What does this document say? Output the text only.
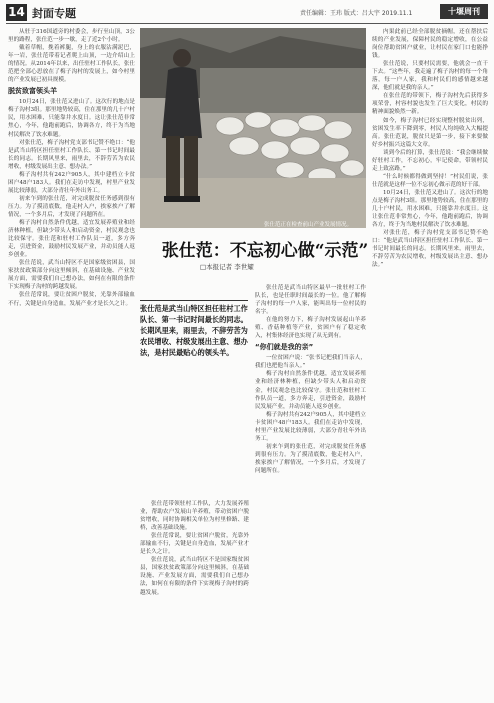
14 封面专题	责任编辑：王玮 版式：吕大宇 2019.11.1	十堰周刊

从驻于316国道旁的村委会，步行至山顶，3公里的路程，张仕范一步一歇，走了近2个小时。

戴着草帽，挽着裤腿，身上的衣服沾满泥巴，年一岩，张仕范带着记者爬上山顶，一边介绍山上的情况。从2014年以来，出任驻村工作队长，张仕范把全部心思放在了梅子沟村的发展上，如今村里的产业发展已初具规模。

脱贫致富领头羊

10月24日，张仕范又进山了。这次行的地点是梅子沟村3组。那里地势较高，住在那里的几十户村民，用水困难，只能靠井水度日。这让张仕范非常焦心，今年，他跑前跑后，协调各方，终于为当地村民解决了饮水难题。

对张仕范，梅子沟村党支部书记赞不绝口：“他是武当山特区担任驻村工作队长、第一书记时间最长的同志。长期风里来，雨里去，不辞劳苦为农民增收，村级发展出主意、想办法。”

梅子沟村共有242户905人，其中建档立卡贫困户48户183人。我们在走访中发现，村里产业发展比较薄弱，大部分青壮年外出务工。

初来乍到的张仕范，对完成脱贫任务感到很有压力。为了摸清底数，他走村入户，挨家挨户了解情况，一个多月后，才发现了问题所在。

梅子沟村自然条件优越，适宜发展养殖业和经济林种植，但缺少带头人和启动资金，村民观念也比较保守。张仕范和驻村工作队员一道，多方奔走，引进资金，鼓励村民发展产业，并动员能人返乡创业。

张仕范说，武当山特区不是国家级贫困县，国家扶贫政策部分向这里倾斜，在基础设施、产业发展方面，需要我们自己想办法，如何在有限的条件下实现梅子沟村的跨越发展。

张仕范常说，要让贫困户脱贫，光靠外部输血不行，关键是自身造血，发展产业才是长久之计。

张仕范正在检查前山产业发展情况。
张仕范：不忘初心做“示范”
□本报记者 李世耀
张仕范是武当山特区担任驻村工作队长、第一书记时间最长的同志。长期风里来，雨里去，不辞劳苦为农民增收、村级发展出主意、想办法，是村民最贴心的领头羊。

张仕范带领驻村工作队，大力发展养殖业，帮助农户发展山羊养殖，带动贫困户脱贫增收，同时协调相关单位为村里修路、建桥，改善基础设施。

张仕范常说，要让贫困户脱贫，光靠外部输血不行，关键是自身造血，发展产业才是长久之计。

张仕范说，武当山特区不是国家级贫困县，国家扶贫政策部分向这里倾斜，在基础设施、产业发展方面，需要我们自己想办法，如何在有限的条件下实现梅子沟村的跨越发展。

张仕范是武当山特区最早一批驻村工作队长，也是任职时间最长的一位。他了解梅子沟村的每一户人家，能叫出每一位村民的名字。

在他的努力下，梅子沟村发展起山羊养殖、香菇种植等产业，贫困户有了稳定收入，村集体经济也实现了从无到有。

“你们就是我的亲”

一位贫困户说：“张书记把我们当亲人，我们也把他当亲人。”

梅子沟村自然条件优越，适宜发展养殖业和经济林种植，但缺少带头人和启动资金，村民观念也比较保守。张仕范和驻村工作队员一道，多方奔走，引进资金，鼓励村民发展产业，并动员能人返乡创业。

梅子沟村共有242户905人，其中建档立卡贫困户48户183人。我们在走访中发现，村里产业发展比较薄弱，大部分青壮年外出务工。

初来乍到的张仕范，对完成脱贫任务感到很有压力。为了摸清底数，他走村入户，挨家挨户了解情况，一个多月后，才发现了问题所在。

内果此前已经全部脱贫摘帽，还在帮扶后续的产业发展，保障村民的稳定增收，在公益岗位帮助贫困户就业，让村民在家门口也能挣钱。

张仕范说，只要村民需要，他就会一直干下去。“这些年，我走遍了梅子沟村的每一个角落，每一户人家，我和村民们的感情越来越深，他们就是我的亲人。”

在张仕范的带领下，梅子沟村先后获得多项荣誉，村容村貌也发生了巨大变化，村民的精神面貌焕然一新。

如今，梅子沟村已经实现整村脱贫出列，贫困发生率下降到零，村民人均纯收入大幅提高。张仕范说，脱贫只是第一步，接下来要做好乡村振兴这篇大文章。

谈到今后的打算，张仕范说：“我会继续做好驻村工作，不忘初心，牢记使命，带领村民走上致富路。”

“什么时候都得做到坚持！”村民们说，张仕范就是这样一位不忘初心做示范的好干部。

10月24日，张仕范又进山了。这次行的地点是梅子沟村3组。那里地势较高，住在那里的几十户村民，用水困难，只能靠井水度日。这让张仕范非常焦心，今年，他跑前跑后，协调各方，终于为当地村民解决了饮水难题。

对张仕范，梅子沟村党支部书记赞不绝口：“他是武当山特区担任驻村工作队长、第一书记时间最长的同志。长期风里来，雨里去，不辞劳苦为农民增收，村级发展出主意、想办法。”
